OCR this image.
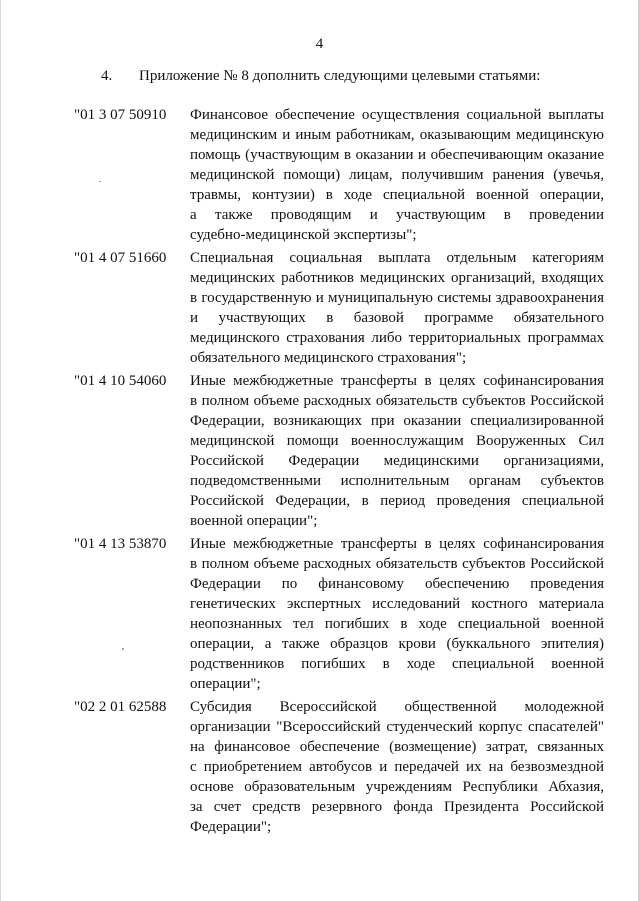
4
4. Приложение № 8 дополнить следующими целевыми статьями:
"01 3 07 50910 Финансовое обеспечение осуществления социальной выплаты
медицинским и иным работникам, оказывающим медицинскую
помощь (участвующим в оказании и обеспечивающим оказание
медицинской помощи) лицам, получившим ранения (увечья,
травмы, контузии) в ходе специальной военной операции,
а также проводящим и участвующим в проведении
судебно-медицинской экспертизы";
"01 4 07 51660 Специальная социальная выплата отдельным категориям
медицинских работников медицинских организаций, входящих
в государственную и муниципальную системы здравоохранения
и участвующих в базовой программе обязательного
медицинского страхования либо территориальных программах
обязательного медицинского страхования";
"01 4 10 54060 Иные межбюджетные трансферты в целях софинансирования
в полном объеме расходных обязательств субъектов Российской
Федерации, возникающих при оказании специализированной
медицинской помощи военнослужащим Вооруженных Сил
Российской Федерации медицинскими организациями,
подведомственными исполнительным органам субъектов
Российской Федерации, в период проведения специальной
военной операции";
"01 4 13 53870 Иные межбюджетные трансферты в целях софинансирования
в полном объеме расходных обязательств субъектов Российской
Федерации по финансовому обеспечению проведения
генетических экспертных исследований костного материала
неопознанных тел погибших в ходе специальной военной
операции, а также образцов крови (буккального эпителия)
родственников погибших в ходе специальной военной
операции";
"02 2 01 62588 Субсидия Всероссийской общественной молодежной
организации "Всероссийский студенческий корпус спасателей"
на финансовое обеспечение (возмещение) затрат, связанных
с приобретением автобусов и передачей их на безвозмездной
основе образовательным учреждениям Республики Абхазия,
за счет средств резервного фонда Президента Российской
Федерации";
·
’
